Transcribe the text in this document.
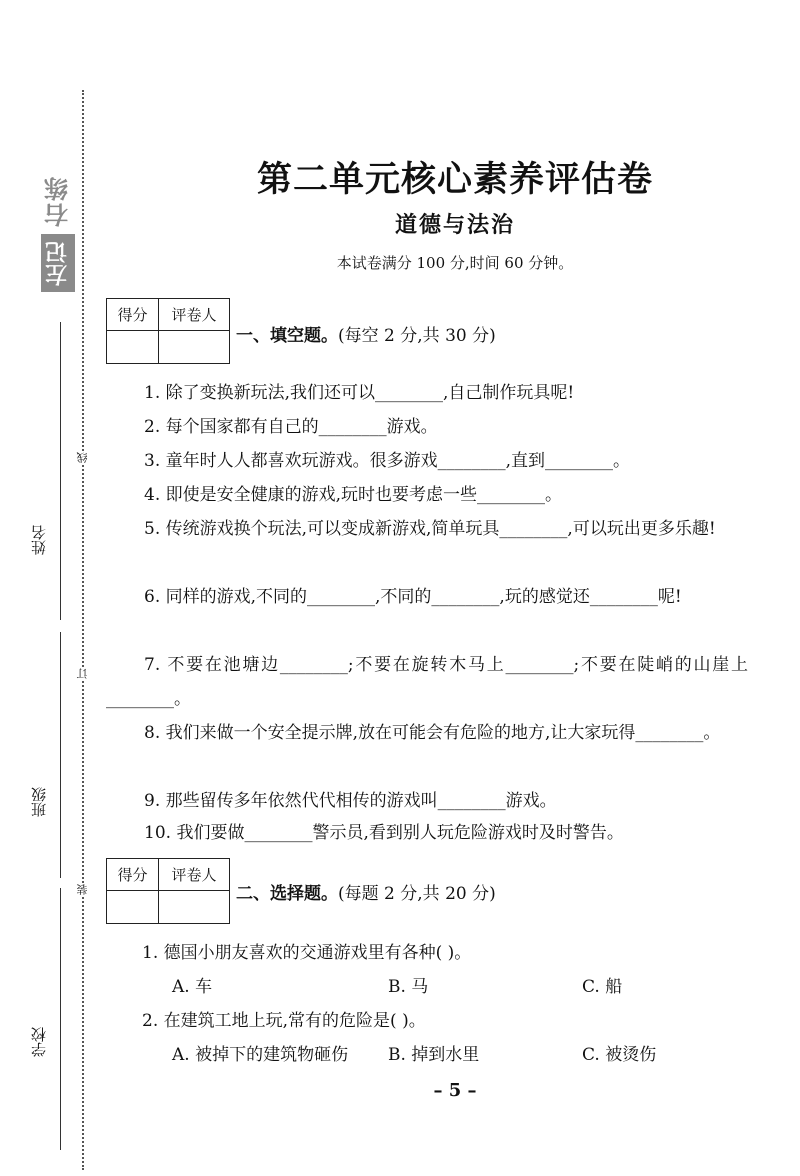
右练
左记
姓名
班级
学校
线
订
装
第二单元核心素养评估卷
道德与法治
本试卷满分 100 分,时间 60 分钟。
得分	评卷人
一、填空题。(每空 2 分,共 30 分)
1. 除了变换新玩法,我们还可以________,自己制作玩具呢!
2. 每个国家都有自己的________游戏。
3. 童年时人人都喜欢玩游戏。很多游戏________,直到________。
4. 即使是安全健康的游戏,玩时也要考虑一些________。
5. 传统游戏换个玩法,可以变成新游戏,简单玩具________,可以玩出更多乐趣!
6. 同样的游戏,不同的________,不同的________,玩的感觉还________呢!
7. 不要在池塘边________;不要在旋转木马上________;不要在陡峭的山崖上________。
8. 我们来做一个安全提示牌,放在可能会有危险的地方,让大家玩得________。
9. 那些留传多年依然代代相传的游戏叫________游戏。
10. 我们要做________警示员,看到别人玩危险游戏时及时警告。
得分	评卷人
二、选择题。(每题 2 分,共 20 分)
1. 德国小朋友喜欢的交通游戏里有各种( )。
A. 车	B. 马	C. 船
2. 在建筑工地上玩,常有的危险是( )。
A. 被掉下的建筑物砸伤 B. 掉到水里	C. 被烫伤
– 5 –
